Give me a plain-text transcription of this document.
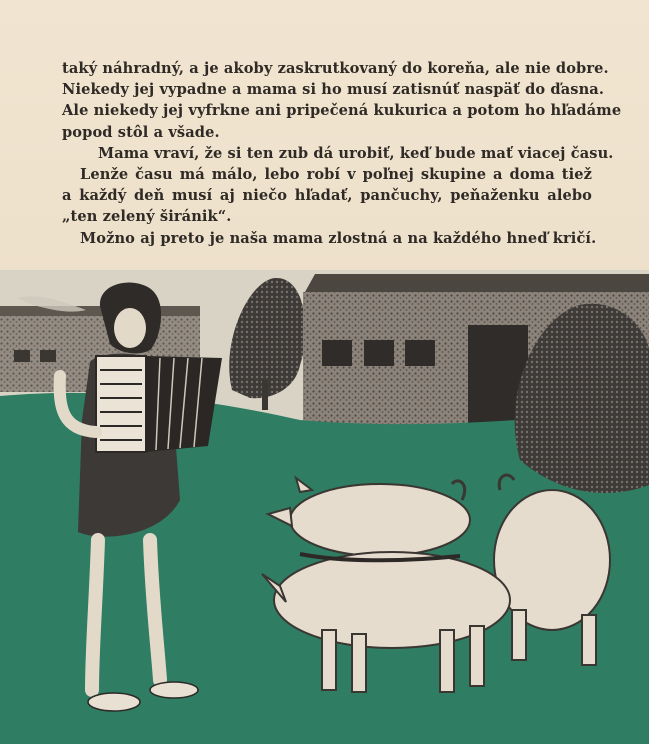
taký náhradný, a je akoby zaskrutkovaný do koreňa, ale nie dobre.
Niekedy jej vypadne a mama si ho musí zatisnúť naspäť do ďasna.
Ale niekedy jej vyfrkne ani pripečená kukurica a potom ho hľadáme
popod stôl a všade.

Mama vraví, že si ten zub dá urobiť, keď bude mať viacej času.

Lenže času má málo, lebo robí v poľnej skupine a doma tiež
a každý deň musí aj niečo hľadať, pančuchy, peňaženku alebo
„ten zelený širánik“.

Možno aj preto je naša mama zlostná a na každého hneď kričí.
